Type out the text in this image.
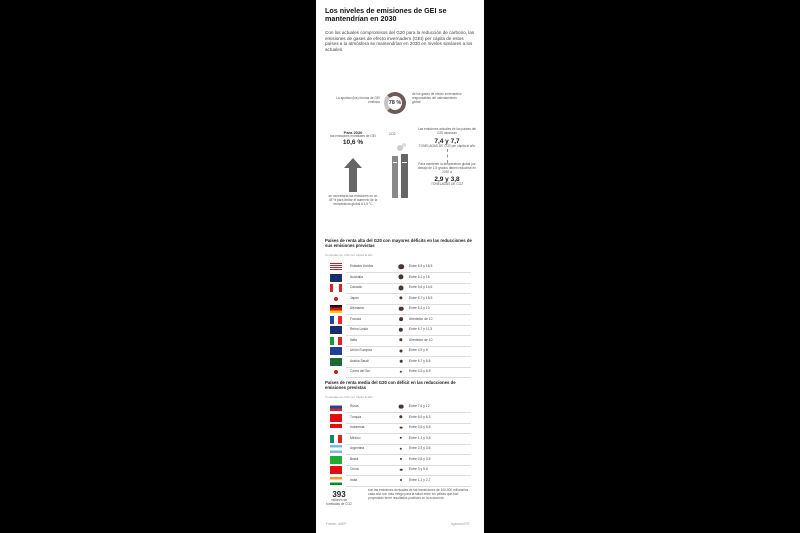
Los niveles de emisiones de GEI se mantendrían en 2030
Con los actuales compromisos del G20 para la reducción de carbono, las emisiones de gases de efecto invernadero (GEI) per cápita de estos países a la atmósfera se mantendrían en 2030 en niveles similares a los actuales.
La aportan (los) formas de GEI emitidos 78 %
de los gases de efecto invernadero responsables del calentamiento global
Para 2030
las emisiones mundiales de GEI
10,6 %
se necesitaría las emisiones en un 45 % para limitar el aumento de la temperatura global a 1,5 °C
CO2
Las emisiones actuales de los países del G20 alcanzan
7,4 y 7,7
TONELADAS DE CO2 per cápita al año
Para mantener la temperatura global por debajo de 1,5 grados deben reducirse en 2030 a
2,9 y 3,8
TONELADAS DE CO2
Países de renta alta del G20 con mayores déficits en las reducciones de sus emisiones previstas
Toneladas de CO2 per cápita al año
Estados Unidos	Entre 5,9 y 16,9
Australia	Entre 5,1 y 15
Canadá	Entre 5,6 y 14,6
Japón	Entre 5,7 y 15,9
Alemania	Entre 5,2 y 10
Francia	Alrededor de 10
Reino Unido	Entre 6,7 y 11,3
Italia	Alrededor de 10
Unión Europea	Entre 4,9 y 6
Arabia Saudí	Entre 6,7 y 6,6
Corea del Sur	Entre 4,3 y 6,9
Países de renta media del G20 con déficit en las reducciones de emisiones previstas
Toneladas de CO2 per cápita al año
Rusia	Entre 7,6 y 12
Turquía	Entre 6,9 y 6,3
Indonesia	Entre 0,5 y 5,6
México	Entre 1,1 y 3,6
Argentina	Entre 2,3 y 3,6
Brasil	Entre 0,8 y 3,5
China	Entre 3 y 5,6
India	Entre 1,1 y 2,7
393
millones de toneladas de CO2
son las emisiones derivadas de las transiciones de 100.000 millonarios cada año con más riesgo para la salud entre los paises que han proyectado tener resultados positivos en la economía
Fuente: UNEP	Agencia EFE
